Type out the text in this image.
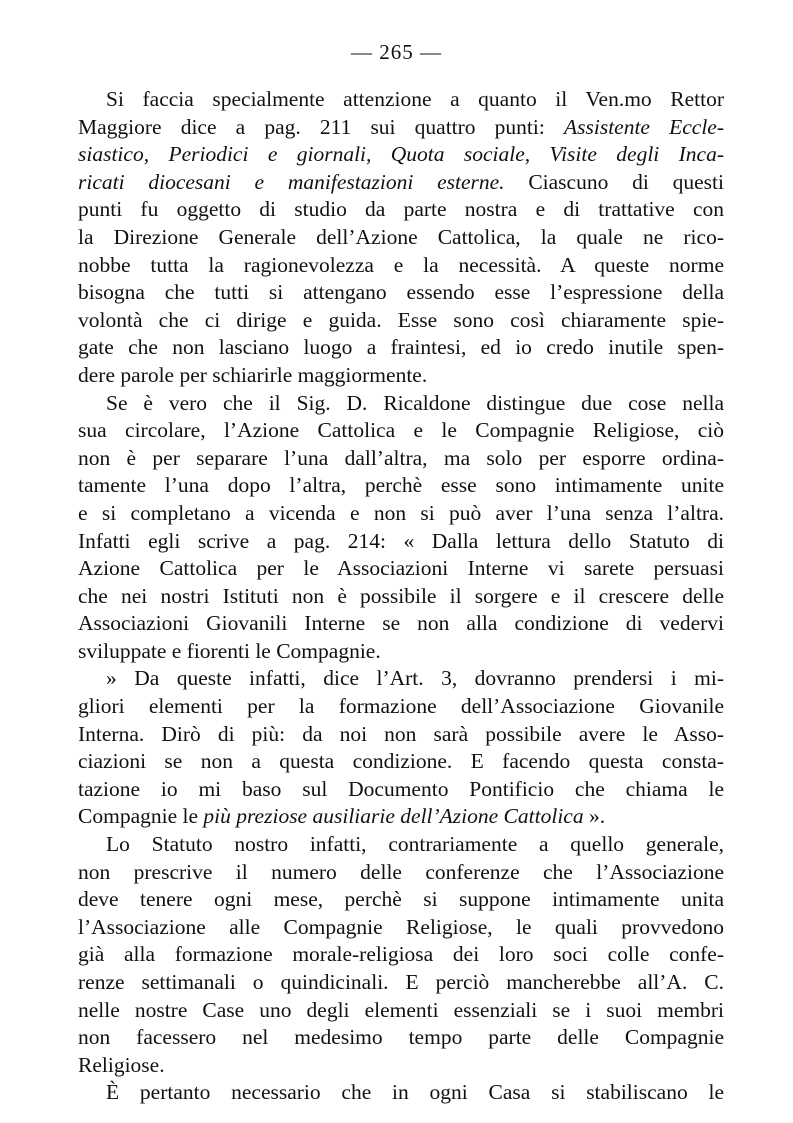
— 265 —
Si faccia specialmente attenzione a quanto il Ven.mo Rettor
Maggiore dice a pag. 211 sui quattro punti: Assistente Eccle-
siastico, Periodici e giornali, Quota sociale, Visite degli Inca-
ricati diocesani e manifestazioni esterne. Ciascuno di questi
punti fu oggetto di studio da parte nostra e di trattative con
la Direzione Generale dell’Azione Cattolica, la quale ne rico-
nobbe tutta la ragionevolezza e la necessità. A queste norme
bisogna che tutti si attengano essendo esse l’espressione della
volontà che ci dirige e guida. Esse sono così chiaramente spie-
gate che non lasciano luogo a fraintesi, ed io credo inutile spen-
dere parole per schiarirle maggiormente.
Se è vero che il Sig. D. Ricaldone distingue due cose nella
sua circolare, l’Azione Cattolica e le Compagnie Religiose, ciò
non è per separare l’una dall’altra, ma solo per esporre ordina-
tamente l’una dopo l’altra, perchè esse sono intimamente unite
e si completano a vicenda e non si può aver l’una senza l’altra.
Infatti egli scrive a pag. 214: « Dalla lettura dello Statuto di
Azione Cattolica per le Associazioni Interne vi sarete persuasi
che nei nostri Istituti non è possibile il sorgere e il crescere delle
Associazioni Giovanili Interne se non alla condizione di vedervi
sviluppate e fiorenti le Compagnie.
» Da queste infatti, dice l’Art. 3, dovranno prendersi i mi-
gliori elementi per la formazione dell’Associazione Giovanile
Interna. Dirò di più: da noi non sarà possibile avere le Asso-
ciazioni se non a questa condizione. E facendo questa consta-
tazione io mi baso sul Documento Pontificio che chiama le
Compagnie le più preziose ausiliarie dell’Azione Cattolica ».
Lo Statuto nostro infatti, contrariamente a quello generale,
non prescrive il numero delle conferenze che l’Associazione
deve tenere ogni mese, perchè si suppone intimamente unita
l’Associazione alle Compagnie Religiose, le quali provvedono
già alla formazione morale-religiosa dei loro soci colle confe-
renze settimanali o quindicinali. E perciò mancherebbe all’A. C.
nelle nostre Case uno degli elementi essenziali se i suoi membri
non facessero nel medesimo tempo parte delle Compagnie
Religiose.
È pertanto necessario che in ogni Casa si stabiliscano le
